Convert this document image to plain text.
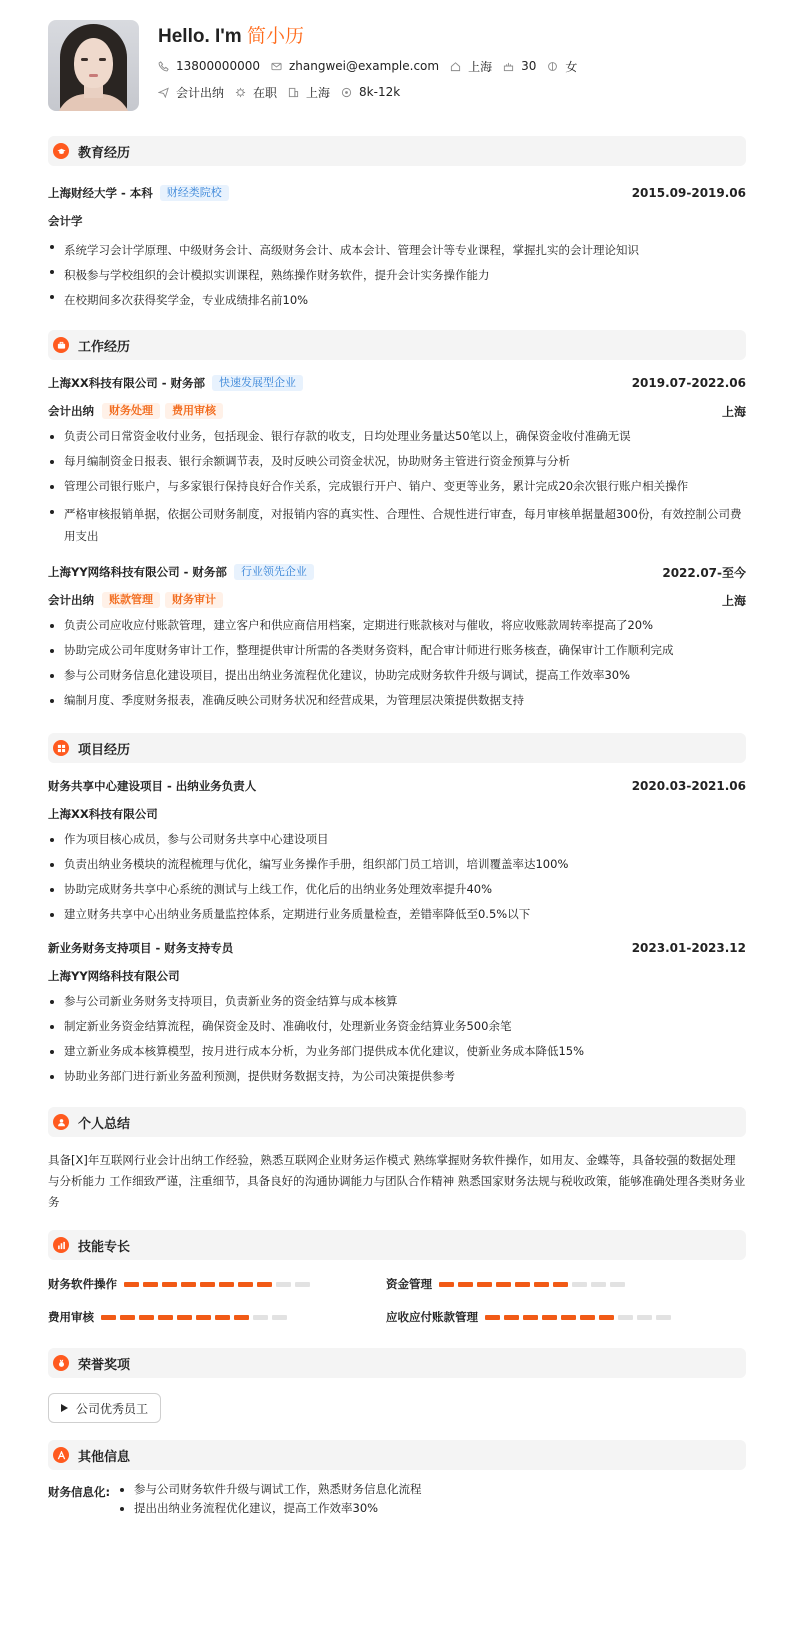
Hello. I'm 简小历
13800000000 zhangwei@example.com 上海 30 女
会计出纳 在职 上海 8k-12k
教育经历
上海财经大学 - 本科	财经类院校	2015.09-2019.06
会计学
系统学习会计学原理、中级财务会计、高级财务会计、成本会计、管理会计等专业课程，掌握扎实的会计理论知识
积极参与学校组织的会计模拟实训课程，熟练操作财务软件，提升会计实务操作能力
在校期间多次获得奖学金，专业成绩排名前10%
工作经历
上海XX科技有限公司 - 财务部	快速发展型企业	2019.07-2022.06
会计出纳	财务处理	费用审核	上海
负责公司日常资金收付业务，包括现金、银行存款的收支，日均处理业务量达50笔以上，确保资金收付准确无误
每月编制资金日报表、银行余额调节表，及时反映公司资金状况，协助财务主管进行资金预算与分析
管理公司银行账户，与多家银行保持良好合作关系，完成银行开户、销户、变更等业务，累计完成20余次银行账户相关操作
严格审核报销单据，依据公司财务制度，对报销内容的真实性、合理性、合规性进行审查，每月审核单据量超300份，有效控制公司费用支出
上海YY网络科技有限公司 - 财务部	行业领先企业	2022.07-至今
会计出纳	账款管理	财务审计	上海
负责公司应收应付账款管理，建立客户和供应商信用档案，定期进行账款核对与催收，将应收账款周转率提高了20%
协助完成公司年度财务审计工作，整理提供审计所需的各类财务资料，配合审计师进行账务核查，确保审计工作顺利完成
参与公司财务信息化建设项目，提出出纳业务流程优化建议，协助完成财务软件升级与调试，提高工作效率30%
编制月度、季度财务报表，准确反映公司财务状况和经营成果，为管理层决策提供数据支持
项目经历
财务共享中心建设项目 - 出纳业务负责人	2020.03-2021.06
上海XX科技有限公司
作为项目核心成员，参与公司财务共享中心建设项目
负责出纳业务模块的流程梳理与优化，编写业务操作手册，组织部门员工培训，培训覆盖率达100%
协助完成财务共享中心系统的测试与上线工作，优化后的出纳业务处理效率提升40%
建立财务共享中心出纳业务质量监控体系，定期进行业务质量检查，差错率降低至0.5%以下
新业务财务支持项目 - 财务支持专员	2023.01-2023.12
上海YY网络科技有限公司
参与公司新业务财务支持项目，负责新业务的资金结算与成本核算
制定新业务资金结算流程，确保资金及时、准确收付，处理新业务资金结算业务500余笔
建立新业务成本核算模型，按月进行成本分析，为业务部门提供成本优化建议，使新业务成本降低15%
协助业务部门进行新业务盈利预测，提供财务数据支持，为公司决策提供参考
个人总结

具备[X]年互联网行业会计出纳工作经验，熟悉互联网企业财务运作模式 熟练掌握财务软件操作，如用友、金蝶等，具备较强的数据处理与分析能力 工作细致严谨，注重细节，具备良好的沟通协调能力与团队合作精神 熟悉国家财务法规与税收政策，能够准确处理各类财务业务

技能专长
财务软件操作	资金管理
费用审核	应收应付账款管理
荣誉奖项
公司优秀员工
其他信息
财务信息化:	参与公司财务软件升级与调试工作，熟悉财务信息化流程
提出出纳业务流程优化建议，提高工作效率30%
